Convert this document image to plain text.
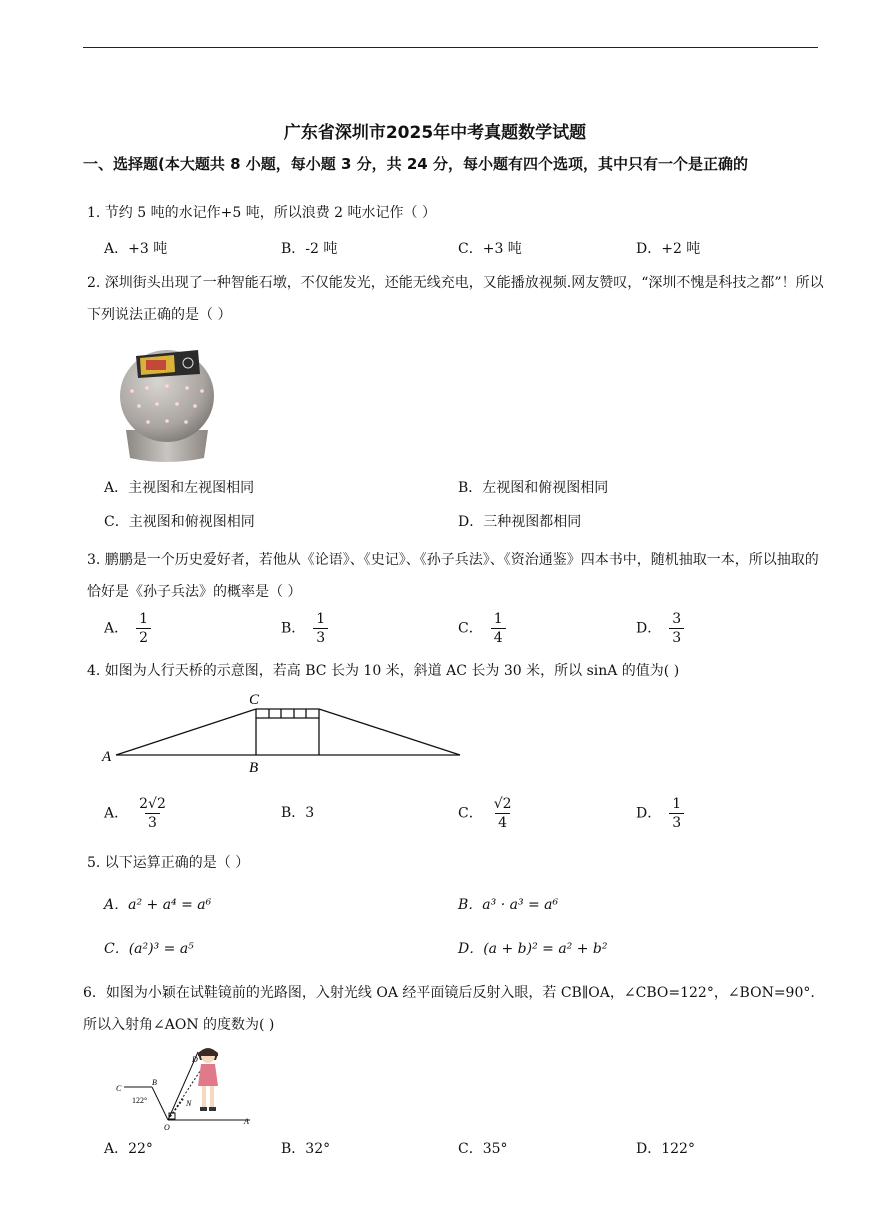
广东省深圳市2025年中考真题数学试题
一、选择题(本大题共 8 小题，每小题 3 分，共 24 分，每小题有四个选项，其中只有一个是正确的
1. 节约 5 吨的水记作+5 吨，所以浪费 2 吨水记作（ ）
A．+3 吨	B．-2 吨	C．+3 吨	D．+2 吨
2. 深圳街头出现了一种智能石墩，不仅能发光，还能无线充电，又能播放视频.网友赞叹，“深圳不愧是科技之都”！所以下列说法正确的是（ ）
A．主视图和左视图相同	B．左视图和俯视图相同
C．主视图和俯视图相同	D．三种视图都相同
3. 鹏鹏是一个历史爱好者，若他从《论语》、《史记》、《孙子兵法》、《资治通鉴》四本书中，随机抽取一本，所以抽取的恰好是《孙子兵法》的概率是（ ）
A． $\frac{1}{2}$	B． $\frac{1}{3}$	C． $\frac{1}{4}$	D． $\frac{3}{3}$
4. 如图为人行天桥的示意图，若高 BC 长为 10 米，斜道 AC 长为 30 米，所以 sinA 的值为( )
A
B
C
A． $\frac{2√2}{3}$	B．3	C． $\frac{√2}{4}$	D． $\frac{1}{3}$
5. 以下运算正确的是（ ）
A．a² + a⁴ = a⁶	B．a³ · a³ = a⁶
C．(a²)³ = a⁵	D．(a + b)² = a² + b²
6．如图为小颖在试鞋镜前的光路图，入射光线 OA 经平面镜后反射入眼，若 CB∥OA，∠CBO=122°，∠BON=90°.所以入射角∠AON 的度数为( )
C
B
122°
O
N
D
A
A．22°	B．32°	C．35°	D．122°
